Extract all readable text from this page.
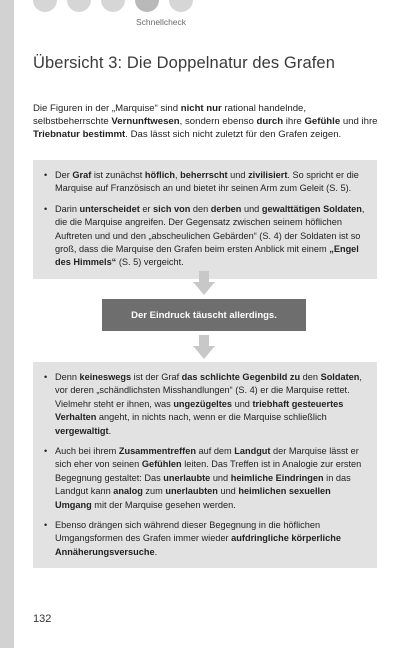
Schnellcheck
Übersicht 3: Die Doppelnatur des Grafen

Die Figuren in der „Marquise“ sind nicht nur rational handelnde, selbstbeherrschte Vernunftwesen, sondern ebenso durch ihre Gefühle und ihre Triebnatur bestimmt. Das lässt sich nicht zuletzt für den Grafen zeigen.

• Der Graf ist zunächst höflich, beherrscht und zivilisiert. So spricht er die Marquise auf Französisch an und bietet ihr seinen Arm zum Geleit (S. 5).
• Darin unterscheidet er sich von den derben und gewalttätigen Soldaten, die die Marquise angreifen. Der Gegensatz zwischen seinem höflichen Auftreten und und den „abscheulichen Gebärden“ (S. 4) der Soldaten ist so groß, dass die Marquise den Grafen beim ersten Anblick mit einem „Engel des Himmels“ (S. 5) vergeicht.
Der Eindruck täuscht allerdings.
• Denn keineswegs ist der Graf das schlichte Gegenbild zu den Soldaten, vor deren „schändlichsten Misshandlungen“ (S. 4) er die Marquise rettet. Vielmehr steht er ihnen, was ungezügeltes und triebhaft gesteuertes Verhalten angeht, in nichts nach, wenn er die Marquise schließlich vergewaltigt.
• Auch bei ihrem Zusammentreffen auf dem Landgut der Marquise lässt er sich eher von seinen Gefühlen leiten. Das Treffen ist in Analogie zur ersten Begegnung gestaltet: Das unerlaubte und heimliche Eindringen in das Landgut kann analog zum unerlaubten und heimlichen sexuellen Umgang mit der Marquise gesehen werden.
• Ebenso drängen sich während dieser Begegnung in die höflichen Umgangsformen des Grafen immer wieder aufdringliche körperliche Annäherungsversuche.
132
